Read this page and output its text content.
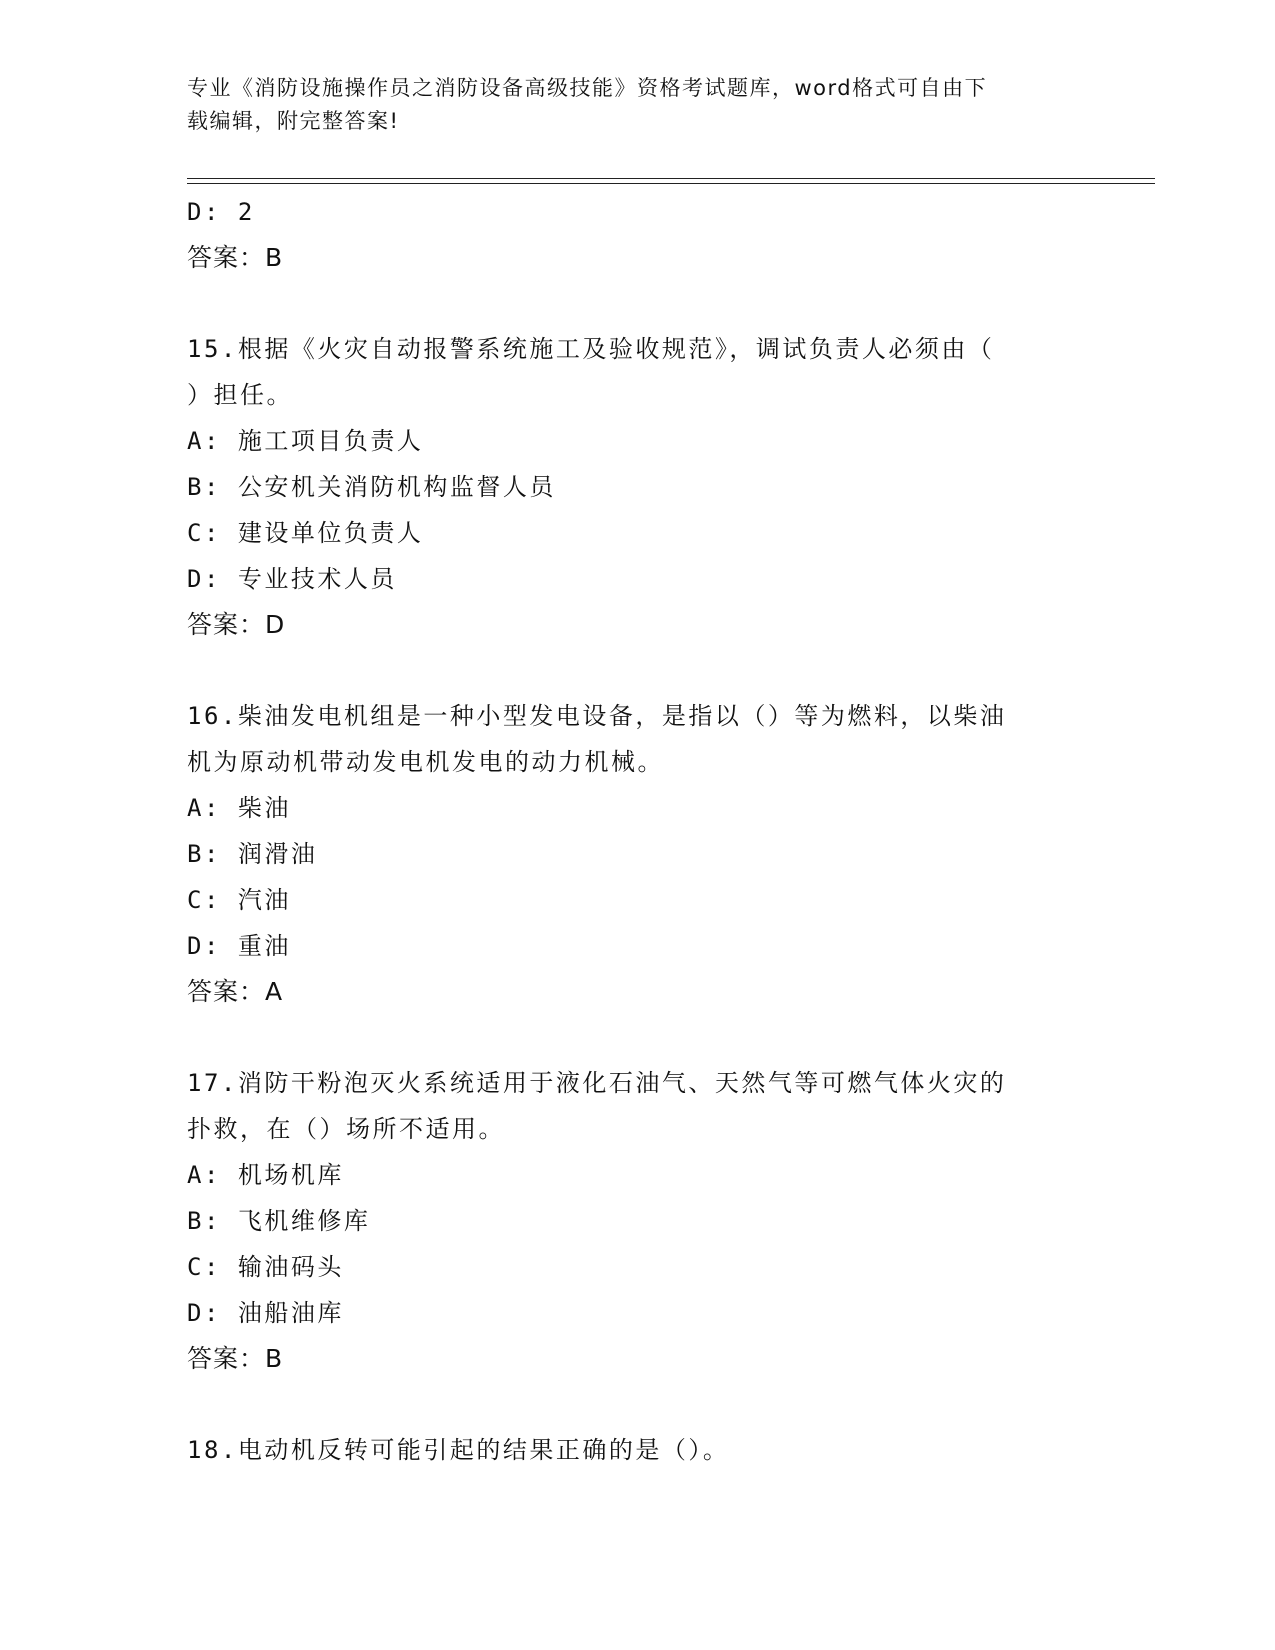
专业《消防设施操作员之消防设备高级技能》资格考试题库，word格式可自由下
载编辑，附完整答案!
D: 2
答案：B
15.根据《火灾自动报警系统施工及验收规范》，调试负责人必须由（
）担任。
A: 施工项目负责人
B: 公安机关消防机构监督人员
C: 建设单位负责人
D: 专业技术人员
答案：D
16.柴油发电机组是一种小型发电设备，是指以（）等为燃料，以柴油
机为原动机带动发电机发电的动力机械。
A: 柴油
B: 润滑油
C: 汽油
D: 重油
答案：A
17.消防干粉泡灭火系统适用于液化石油气、天然气等可燃气体火灾的
扑救，在（）场所不适用。
A: 机场机库
B: 飞机维修库
C: 输油码头
D: 油船油库
答案：B
18.电动机反转可能引起的结果正确的是（）。
